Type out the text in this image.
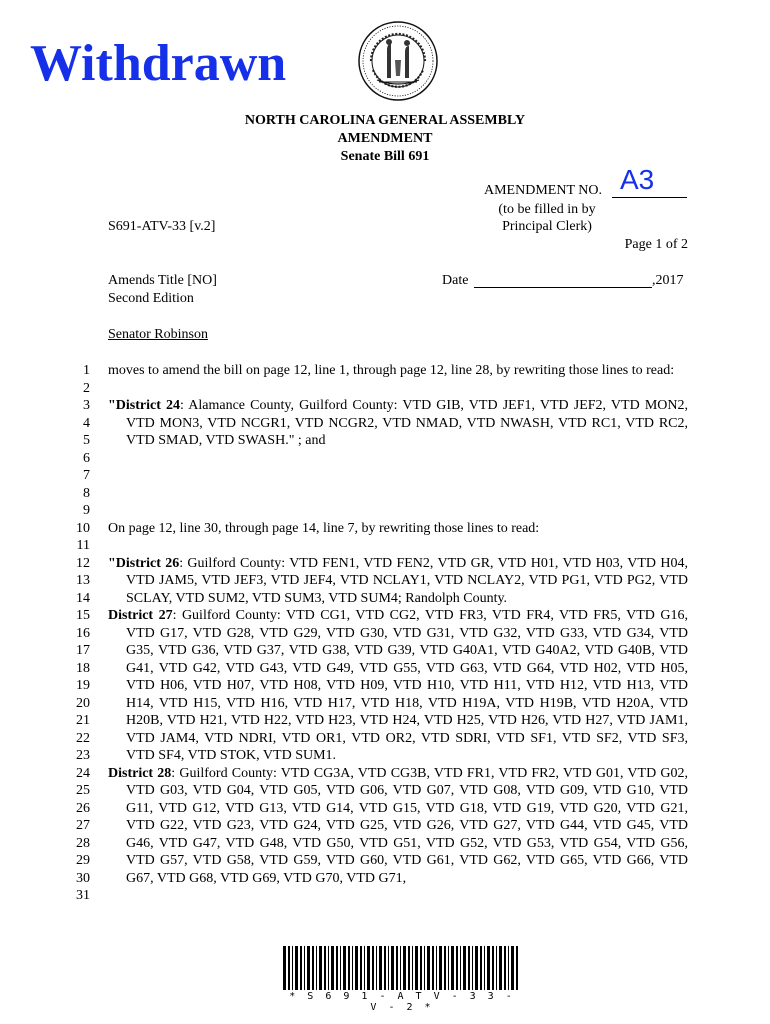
Withdrawn
NORTH CAROLINA GENERAL ASSEMBLY
AMENDMENT
Senate Bill 691
AMENDMENT NO. A3
(to be filled in by
Principal Clerk)
S691-ATV-33 [v.2]
Page 1 of 2
Amends Title [NO]
Second Edition
Date	,2017
Senator Robinson
1
2
3
4
5
6
7
8
9
10
11
12
13
14
15
16
17
18
19
20
21
22
23
24
25
26
27
28
29
30
31

moves to amend the bill on page 12, line 1, through page 12, line 28, by rewriting those lines to read:

"District 24: Alamance County, Guilford County: VTD GIB, VTD JEF1, VTD JEF2, VTD MON2, VTD MON3, VTD NCGR1, VTD NCGR2, VTD NMAD, VTD NWASH, VTD RC1, VTD RC2, VTD SMAD, VTD SWASH." ; and

On page 12, line 30, through page 14, line 7, by rewriting those lines to read:

"District 26: Guilford County: VTD FEN1, VTD FEN2, VTD GR, VTD H01, VTD H03, VTD H04, VTD JAM5, VTD JEF3, VTD JEF4, VTD NCLAY1, VTD NCLAY2, VTD PG1, VTD PG2, VTD SCLAY, VTD SUM2, VTD SUM3, VTD SUM4; Randolph County.

District 27: Guilford County: VTD CG1, VTD CG2, VTD FR3, VTD FR4, VTD FR5, VTD G16, VTD G17, VTD G28, VTD G29, VTD G30, VTD G31, VTD G32, VTD G33, VTD G34, VTD G35, VTD G36, VTD G37, VTD G38, VTD G39, VTD G40A1, VTD G40A2, VTD G40B, VTD G41, VTD G42, VTD G43, VTD G49, VTD G55, VTD G63, VTD G64, VTD H02, VTD H05, VTD H06, VTD H07, VTD H08, VTD H09, VTD H10, VTD H11, VTD H12, VTD H13, VTD H14, VTD H15, VTD H16, VTD H17, VTD H18, VTD H19A, VTD H19B, VTD H20A, VTD H20B, VTD H21, VTD H22, VTD H23, VTD H24, VTD H25, VTD H26, VTD H27, VTD JAM1, VTD JAM4, VTD NDRI, VTD OR1, VTD OR2, VTD SDRI, VTD SF1, VTD SF2, VTD SF3, VTD SF4, VTD STOK, VTD SUM1.

District 28: Guilford County: VTD CG3A, VTD CG3B, VTD FR1, VTD FR2, VTD G01, VTD G02, VTD G03, VTD G04, VTD G05, VTD G06, VTD G07, VTD G08, VTD G09, VTD G10, VTD G11, VTD G12, VTD G13, VTD G14, VTD G15, VTD G18, VTD G19, VTD G20, VTD G21, VTD G22, VTD G23, VTD G24, VTD G25, VTD G26, VTD G27, VTD G44, VTD G45, VTD G46, VTD G47, VTD G48, VTD G50, VTD G51, VTD G52, VTD G53, VTD G54, VTD G56, VTD G57, VTD G58, VTD G59, VTD G60, VTD G61, VTD G62, VTD G65, VTD G66, VTD G67, VTD G68, VTD G69, VTD G70, VTD G71,

* S 6 9 1 - A T V - 3 3 - V - 2 *
